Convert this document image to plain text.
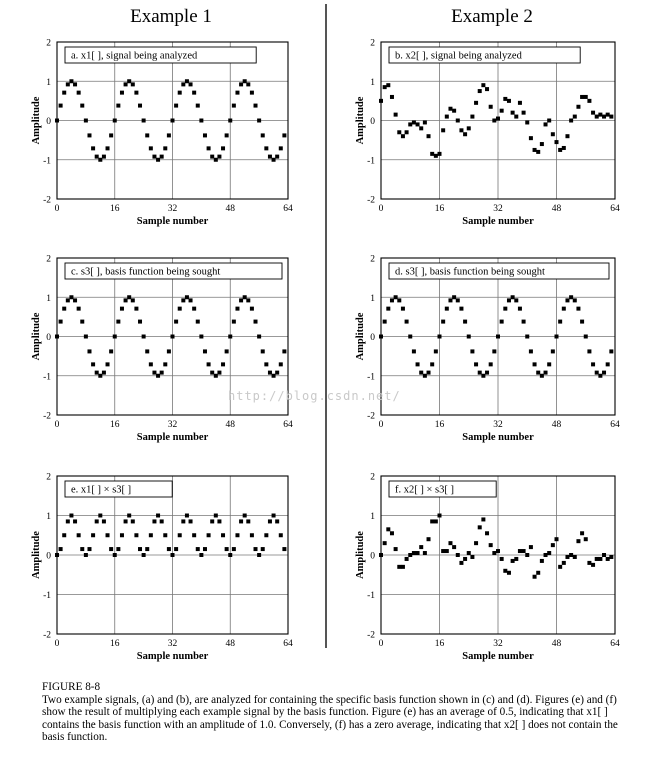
Example 1	Example 2
-2
-1
0
1
2
0	16	32	48	64
Sample number
Amplitude
a. x1[ ], signal being analyzed
-2
-1
0
1
2
0	16	32	48	64
Sample number
Amplitude
b. x2[ ], signal being analyzed
-2
-1
0
1
2
0	16	32	48	64
Sample number
Amplitude
c. s3[ ], basis function being sought
-2
-1
0
1
2
0	16	32	48	64
Sample number
Amplitude
d. s3[ ], basis function being sought
-2
-1
0
1
2
0	16	32	48	64
Sample number
Amplitude
e. x1[ ] × s3[ ]
-2
-1
0
1
2
0	16	32	48	64
Sample number
Amplitude
f. x2[ ] × s3[ ]
http://blog.csdn.net/
FIGURE 8-8
Two example signals, (a) and (b), are analyzed for containing the specific basis function shown in (c) and (d). Figures (e) and (f) show the result of multiplying each example signal by the basis function. Figure (e) has an average of 0.5, indicating that x1[ ] contains the basis function with an amplitude of 1.0. Conversely, (f) has a zero average, indicating that x2[ ] does not contain the basis function.
